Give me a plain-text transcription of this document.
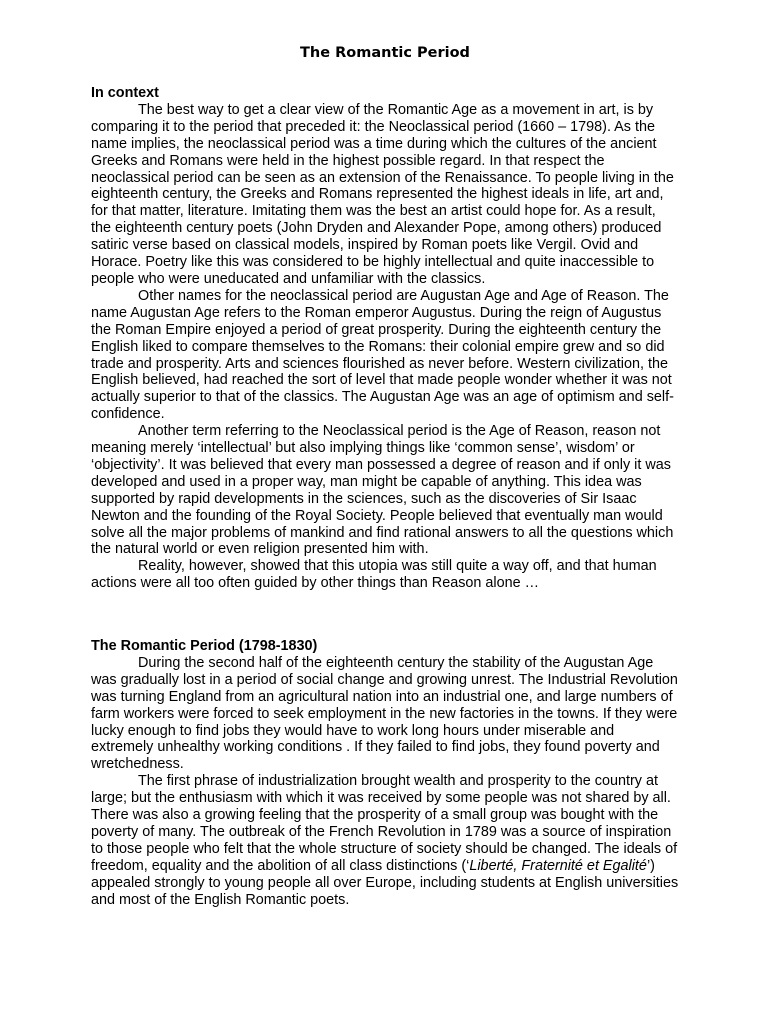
The Romantic Period

In context

The best way to get a clear view of the Romantic Age as a movement in art, is by comparing it to the period that preceded it: the Neoclassical period (1660 – 1798). As the name implies, the neoclassical period was a time during which the cultures of the ancient Greeks and Romans were held in the highest possible regard. In that respect the neoclassical period can be seen as an extension of the Renaissance. To people living in the eighteenth century, the Greeks and Romans represented the highest ideals in life, art and, for that matter, literature. Imitating them was the best an artist could hope for. As a result, the eighteenth century poets (John Dryden and Alexander Pope, among others) produced satiric verse based on classical models, inspired by Roman poets like Vergil. Ovid and Horace. Poetry like this was considered to be highly intellectual and quite inaccessible to people who were uneducated and unfamiliar with the classics.

Other names for the neoclassical period are Augustan Age and Age of Reason. The name Augustan Age refers to the Roman emperor Augustus. During the reign of Augustus the Roman Empire enjoyed a period of great prosperity. During the eighteenth century the English liked to compare themselves to the Romans: their colonial empire grew and so did trade and prosperity. Arts and sciences flourished as never before. Western civilization, the English believed, had reached the sort of level that made people wonder whether it was not actually superior to that of the classics. The Augustan Age was an age of optimism and self-confidence.

Another term referring to the Neoclassical period is the Age of Reason, reason not meaning merely ‘intellectual’ but also implying things like ‘common sense’, wisdom’ or ‘objectivity’. It was believed that every man possessed a degree of reason and if only it was developed and used in a proper way, man might be capable of anything. This idea was supported by rapid developments in the sciences, such as the discoveries of Sir Isaac Newton and the founding of the Royal Society. People believed that eventually man would solve all the major problems of mankind and find rational answers to all the questions which the natural world or even religion presented him with.

Reality, however, showed that this utopia was still quite a way off, and that human actions were all too often guided by other things than Reason alone …

The Romantic Period (1798-1830)

During the second half of the eighteenth century the stability of the Augustan Age was gradually lost in a period of social change and growing unrest. The Industrial Revolution was turning England from an agricultural nation into an industrial one, and large numbers of farm workers were forced to seek employment in the new factories in the towns. If they were lucky enough to find jobs they would have to work long hours under miserable and extremely unhealthy working conditions . If they failed to find jobs, they found poverty and wretchedness.

The first phrase of industrialization brought wealth and prosperity to the country at large; but the enthusiasm with which it was received by some people was not shared by all. There was also a growing feeling that the prosperity of a small group was bought with the poverty of many. The outbreak of the French Revolution in 1789 was a source of inspiration to those people who felt that the whole structure of society should be changed. The ideals of freedom, equality and the abolition of all class distinctions (‘Liberté, Fraternité et Egalité’) appealed strongly to young people all over Europe, including students at English universities and most of the English Romantic poets.
